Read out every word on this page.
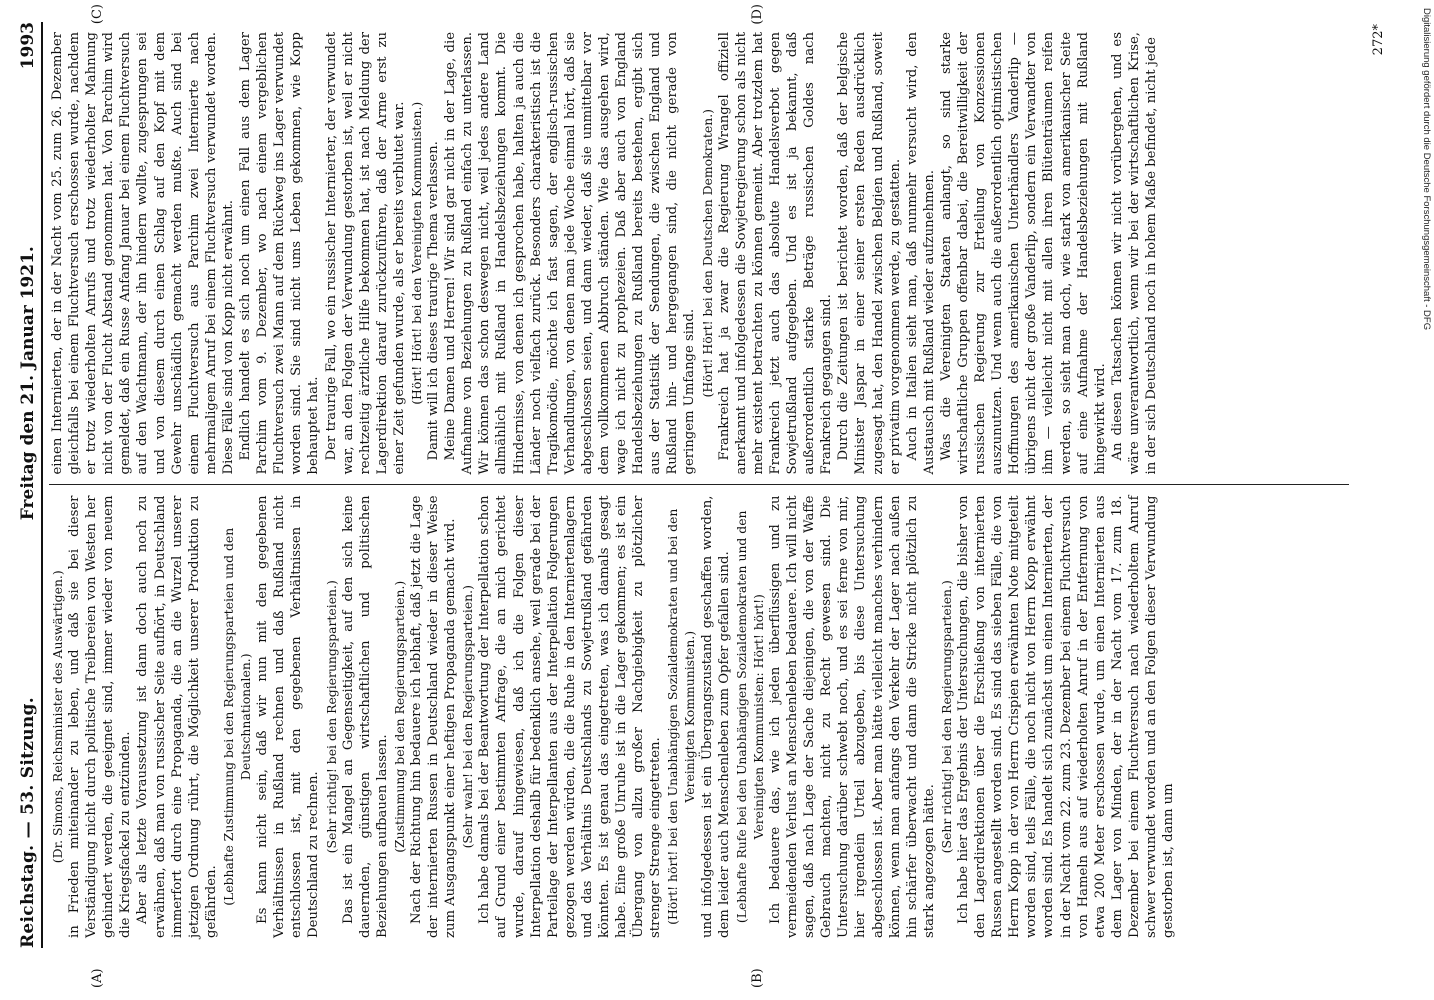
Reichstag. — 53. Sitzung.
Freitag den 21. Januar 1921.
1993

(Dr. Simons, Reichsminister des Auswärtigen.) in Frieden miteinander zu leben, und daß sie bei dieser Verständigung nicht durch politische Treibereien von Westen her gehindert werden, die geeignet sind, immer wieder von neuem die Kriegsfackel zu entzünden. Aber als letzte Voraussetzung ist dann doch auch noch zu erwähnen, daß man von russischer Seite aufhört, in Deutschland immerfort durch eine Propaganda, die an die Wurzel unserer jetzigen Ordnung rührt, die Möglichkeit unserer Produktion zu gefährden. (Lebhafte Zustimmung bei den Regierungsparteien und den Deutschnationalen.) Es kann nicht sein, daß wir nun mit den gegebenen Verhältnissen in Rußland rechnen und daß Rußland nicht entschlossen ist, mit den gegebenen Verhältnissen in Deutschland zu rechnen.

(Sehr richtig! bei den Regierungsparteien.) Das ist ein Mangel an Gegenseitigkeit, auf den sich keine dauernden, günstigen wirtschaftlichen und politischen Beziehungen aufbauen lassen. (Zustimmung bei den Regierungsparteien.) Nach der Richtung hin bedauere ich lebhaft, daß jetzt die Lage der internierten Russen in Deutschland wieder in dieser Weise zum Ausgangspunkt einer heftigen Propaganda gemacht wird. (Sehr wahr! bei den Regierungsparteien.) Ich habe damals bei der Beantwortung der Interpellation schon auf Grund einer bestimmten Anfrage, die an mich gerichtet wurde, darauf hingewiesen, daß ich die Folgen dieser Interpellation deshalb für bedenklich ansehe, weil gerade bei der Parteilage der Interpellanten aus der Interpellation Folgerungen gezogen werden würden, die die Ruhe in den Interniertenlagern und das Verhältnis Deutschlands zu Sowjetrußland gefährden könnten. Es ist genau das eingetreten, was ich damals gesagt habe. Eine große Unruhe ist in die Lager gekommen; es ist ein Übergang von allzu großer Nachgiebigkeit zu plötzlicher strenger Strenge eingetreten. (Hört! hört! bei den Unabhängigen Sozialdemokraten und bei den Vereinigten Kommunisten.) und infolgedessen ist ein Übergangszustand geschaffen worden, dem leider auch Menschenleben zum Opfer gefallen sind. (Lebhafte Rufe bei den Unabhängigen Sozialdemokraten und den Vereinigten Kommunisten: Hört! hört!) Ich bedauere das, wie ich jeden überflüssigen und zu vermeidenden Verlust an Menschenleben bedauere. Ich will nicht sagen, daß nach Lage der Sache diejenigen, die von der Waffe Gebrauch machten, nicht zu Recht gewesen sind. Die Untersuchung darüber schwebt noch, und es sei ferne von mir, hier irgendein Urteil abzugeben, bis diese Untersuchung abgeschlossen ist. Aber man hätte vielleicht manches verhindern können, wenn man anfangs den Verkehr der Lager nach außen hin schärfer überwacht und dann die Stricke nicht plötzlich zu stark angezogen hätte.

(Sehr richtig! bei den Regierungsparteien.) Ich habe hier das Ergebnis der Untersuchungen, die bisher von den Lagerdirektionen über die Erschießung von internierten Russen angestellt worden sind. Es sind das sieben Fälle, die von Herrn Kopp in der von Herrn Crispien erwähnten Note mitgeteilt worden sind, teils Fälle, die noch nicht von Herrn Kopp erwähnt worden sind. Es handelt sich zunächst um einen Internierten, der in der Nacht vom 22. zum 23. Dezember bei einem Fluchtversuch von Hameln aus auf wiederholten Anruf in der Entfernung von etwa 200 Meter erschossen wurde, um einen Internierten aus dem Lager von Minden, der in der Nacht vom 17. zum 18. Dezember bei einem Fluchtversuch nach wiederholtem Anruf schwer verwundet worden und an den Folgen dieser Verwundung gestorben ist, dann um

(A)	(B)

einen Internierten, der in der Nacht vom 25. zum 26. Dezember gleichfalls bei einem Fluchtversuch erschossen wurde, nachdem er trotz wiederholten Anrufs und trotz wiederholter Mahnung nicht von der Flucht Abstand genommen hat. Von Parchim wird gemeldet, daß ein Russe Anfang Januar bei einem Fluchtversuch auf den Wachtmann, der ihn hindern wollte, zugesprungen sei und von diesem durch einen Schlag auf den Kopf mit dem Gewehr unschädlich gemacht werden mußte. Auch sind bei einem Fluchtversuch aus Parchim zwei Internierte nach mehrmaligem Anruf bei einem Fluchtversuch verwundet worden. Diese Fälle sind von Kopp nicht erwähnt. Endlich handelt es sich noch um einen Fall aus dem Lager Parchim vom 9. Dezember, wo nach einem vergeblichen Fluchtversuch zwei Mann auf dem Rückweg ins Lager verwundet worden sind. Sie sind nicht ums Leben gekommen, wie Kopp behauptet hat. Der traurige Fall, wo ein russischer Internierter, der verwundet war, an den Folgen der Verwundung gestorben ist, weil er nicht rechtzeitig ärztliche Hilfe bekommen hat, ist nach Meldung der Lagerdirektion darauf zurückzuführen, daß der Arme erst zu einer Zeit gefunden wurde, als er bereits verblutet war. (Hört! Hört! bei den Vereinigten Kommunisten.) Damit will ich dieses traurige Thema verlassen. Meine Damen und Herren! Wir sind gar nicht in der Lage, die Aufnahme von Beziehungen zu Rußland einfach zu unterlassen. Wir können das schon deswegen nicht, weil jedes andere Land allmählich mit Rußland in Handelsbeziehungen kommt. Die Hindernisse, von denen ich gesprochen habe, halten ja auch die Länder noch vielfach zurück. Besonders charakteristisch ist die Tragikomödie, möchte ich fast sagen, der englisch-russischen Verhandlungen, von denen man jede Woche einmal hört, daß sie abgeschlossen seien, und dann wieder, daß sie unmittelbar vor dem vollkommenen Abbruch ständen. Wie das ausgehen wird, wage ich nicht zu prophezeien. Daß aber auch von England Handelsbeziehungen zu Rußland bereits bestehen, ergibt sich aus der Statistik der Sendungen, die zwischen England und Rußland hin- und hergegangen sind, die nicht gerade von geringem Umfange sind. (Hört! Hört! bei den Deutschen Demokraten.) Frankreich hat ja zwar die Regierung Wrangel offiziell anerkannt und infolgedessen die Sowjetregierung schon als nicht mehr existent betrachten zu können gemeint. Aber trotzdem hat Frankreich jetzt auch das absolute Handelsverbot gegen Sowjetrußland aufgegeben. Und es ist ja bekannt, daß außerordentlich starke Beträge russischen Goldes nach Frankreich gegangen sind. Durch die Zeitungen ist berichtet worden, daß der belgische Minister Jaspar in einer seiner ersten Reden ausdrücklich zugesagt hat, den Handel zwischen Belgien und Rußland, soweit er privatim vorgenommen werde, zu gestatten. Auch in Italien sieht man, daß nunmehr versucht wird, den Austausch mit Rußland wieder aufzunehmen. Was die Vereinigten Staaten anlangt, so sind starke wirtschaftliche Gruppen offenbar dabei, die Bereitwilligkeit der russischen Regierung zur Erteilung von Konzessionen auszunutzen. Und wenn auch die außerordentlich optimistischen Hoffnungen des amerikanischen Unterhändlers Vanderlip — übrigens nicht der große Vanderlip, sondern ein Verwandter von ihm — vielleicht nicht mit allen ihren Blütenträumen reifen werden, so sieht man doch, wie stark von amerikanischer Seite auf eine Aufnahme der Handelsbeziehungen mit Rußland hingewirkt wird. An diesen Tatsachen können wir nicht vorübergehen, und es wäre unverantwortlich, wenn wir bei der wirtschaftlichen Krise, in der sich Deutschland noch in hohem Maße befindet, nicht jede

(C)	(D)
272*	Digitalisierung gefördert durch die Deutsche Forschungsgemeinschaft - DFG
